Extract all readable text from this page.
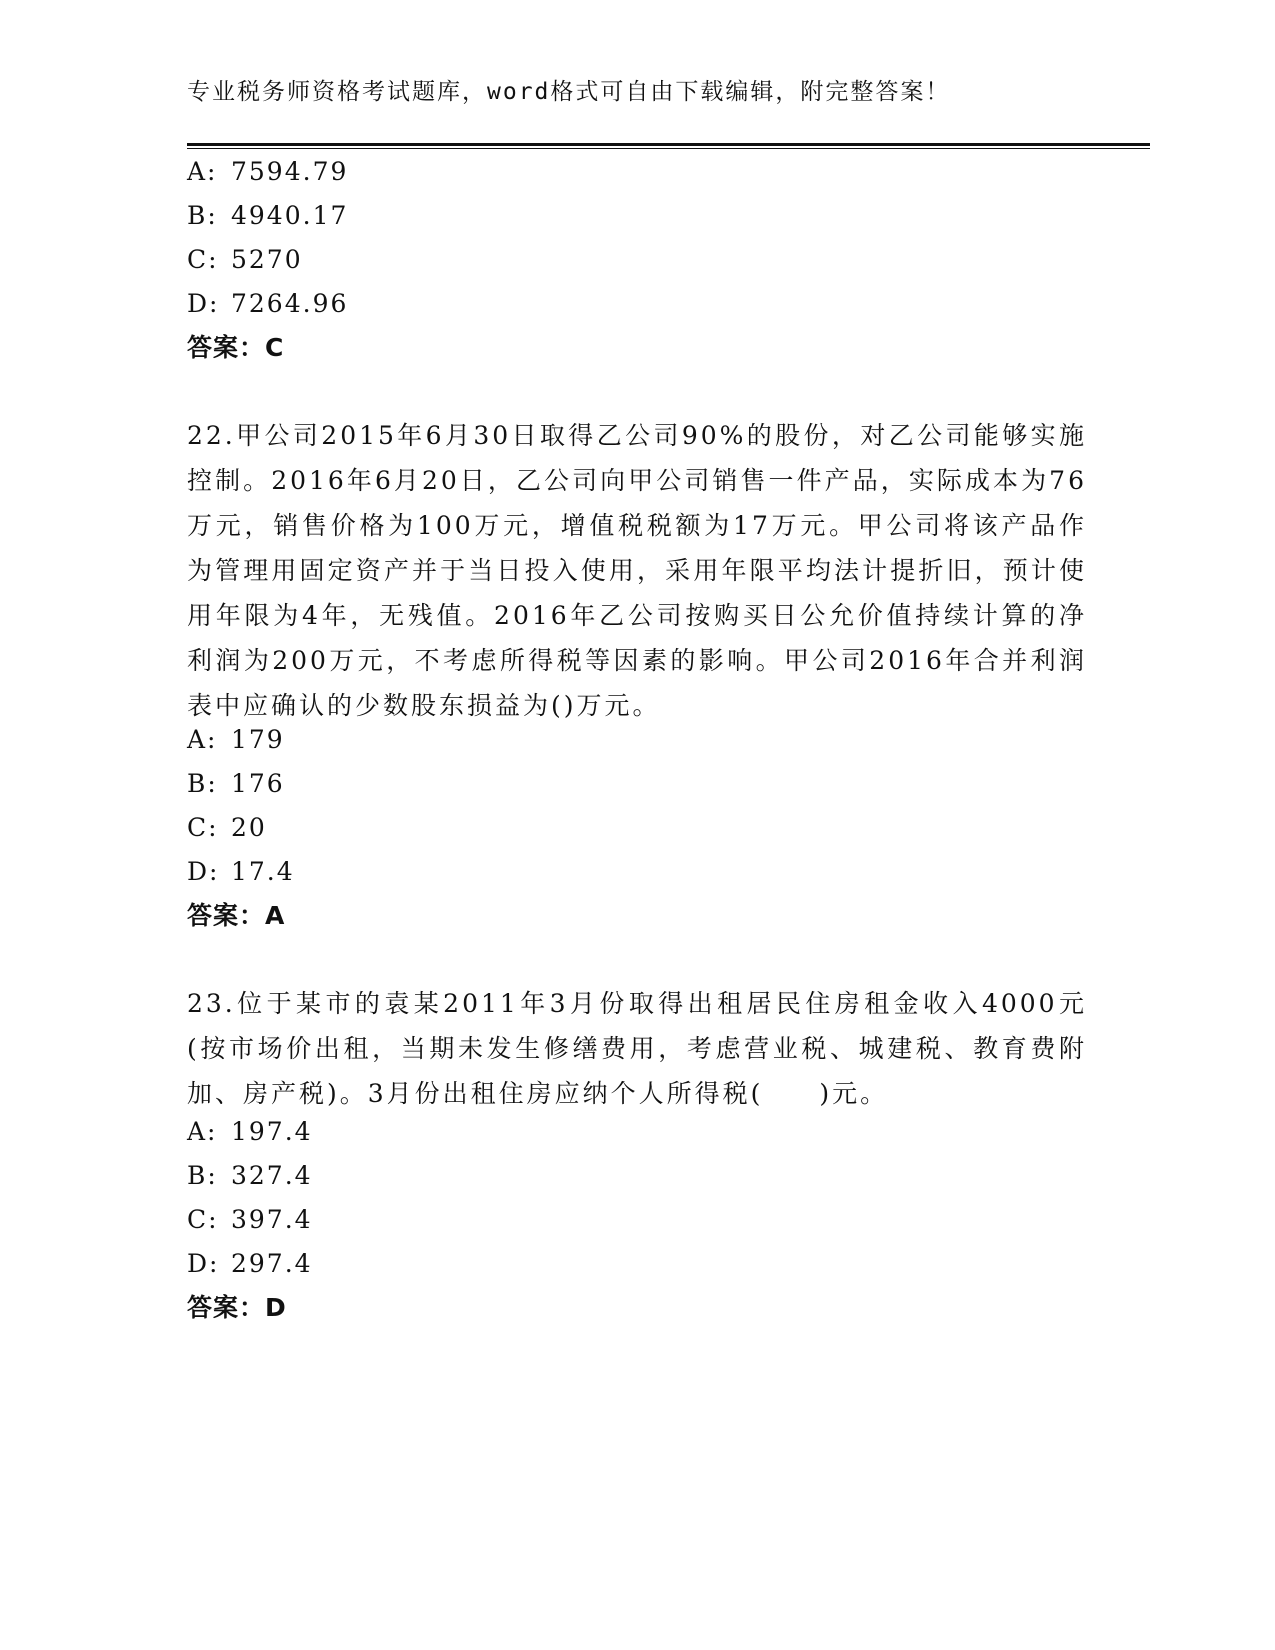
专业税务师资格考试题库，word格式可自由下载编辑，附完整答案！
A: 7594.79
B: 4940.17
C: 5270
D: 7264.96
答案：C
22.甲公司2015年6月30日取得乙公司90%的股份，对乙公司能够实施控制。2016年6月20日，乙公司向甲公司销售一件产品，实际成本为76万元，销售价格为100万元，增值税税额为17万元。甲公司将该产品作为管理用固定资产并于当日投入使用，采用年限平均法计提折旧，预计使用年限为4年，无残值。2016年乙公司按购买日公允价值持续计算的净利润为200万元，不考虑所得税等因素的影响。甲公司2016年合并利润表中应确认的少数股东损益为()万元。
A: 179
B: 176
C: 20
D: 17.4
答案：A
23.位于某市的袁某2011年3月份取得出租居民住房租金收入4000元(按市场价出租，当期未发生修缮费用，考虑营业税、城建税、教育费附加、房产税)。3月份出租住房应纳个人所得税(　　)元。
A: 197.4
B: 327.4
C: 397.4
D: 297.4
答案：D
